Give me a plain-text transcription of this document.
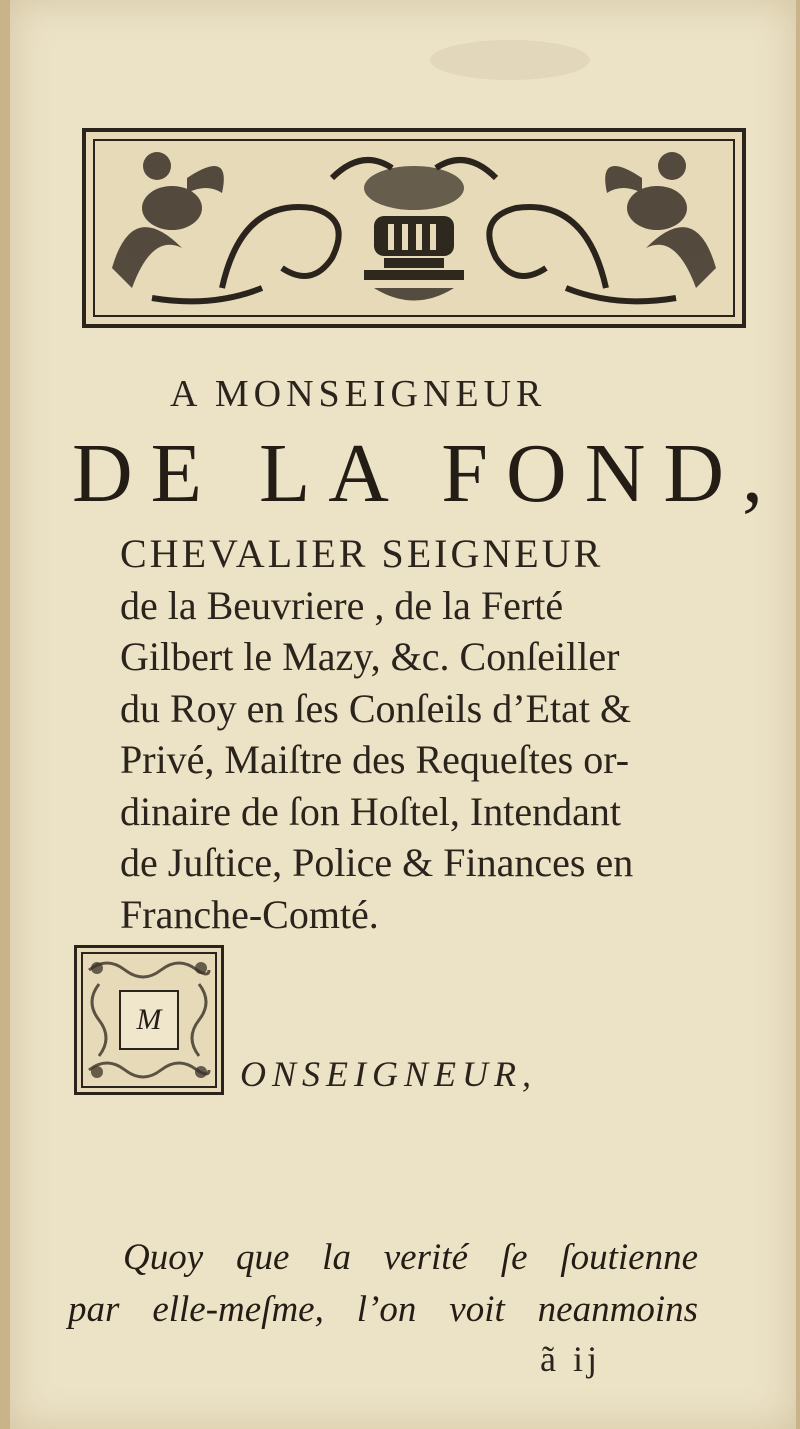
A MONSEIGNEUR
DE LA FOND,
CHEVALIER SEIGNEUR
de la Beuvriere , de la Ferté
Gilbert le Mazy, &c. Conſeiller
du Roy en ſes Conſeils d’Etat &
Privé, Maiſtre des Requeſtes or-
dinaire de ſon Hoſtel, Intendant
de Juſtice, Police & Finances en
Franche-Comté.
M
ONSEIGNEUR,
Quoy que la verité ſe ſoutienne
par elle-meſme, l’on voit neanmoins
ã ij
